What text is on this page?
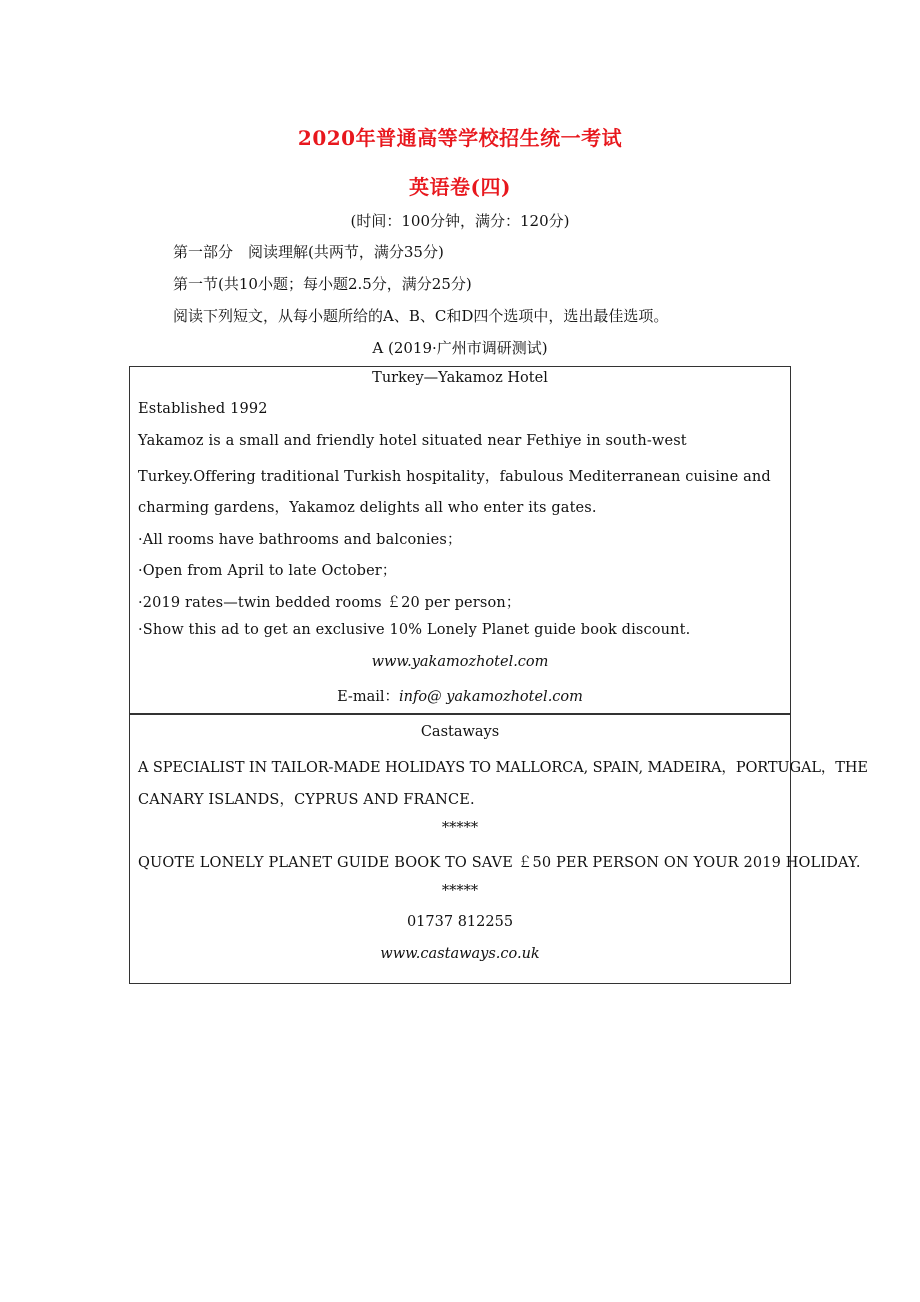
2020年普通高等学校招生统一考试
英语卷(四)
(时间：100分钟，满分：120分)
第一部分　阅读理解(共两节，满分35分)
第一节(共10小题；每小题2.5分，满分25分)
阅读下列短文，从每小题所给的A、B、C和D四个选项中，选出最佳选项。
A (2019·广州市调研测试)
Turkey—Yakamoz Hotel
Established 1992
Yakamoz is a small and friendly hotel situated near Fethiye in south-west
Turkey.Offering traditional Turkish hospitality，fabulous Mediterranean cuisine and
charming gardens，Yakamoz delights all who enter its gates.
·All rooms have bathrooms and balconies；
·Open from April to late October；
·2019 rates—twin bedded rooms ￡20 per person；
·Show this ad to get an exclusive 10% Lonely Planet guide book discount.
www.yakamozhotel.com
E-mail：info@ yakamozhotel.com
Castaways
A SPECIALIST IN TAILOR-MADE HOLIDAYS TO MALLORCA, SPAIN, MADEIRA，PORTUGAL，THE
CANARY ISLANDS，CYPRUS AND FRANCE.
*****
QUOTE LONELY PLANET GUIDE BOOK TO SAVE ￡50 PER PERSON ON YOUR 2019 HOLIDAY.
*****
01737 812255
www.castaways.co.uk
